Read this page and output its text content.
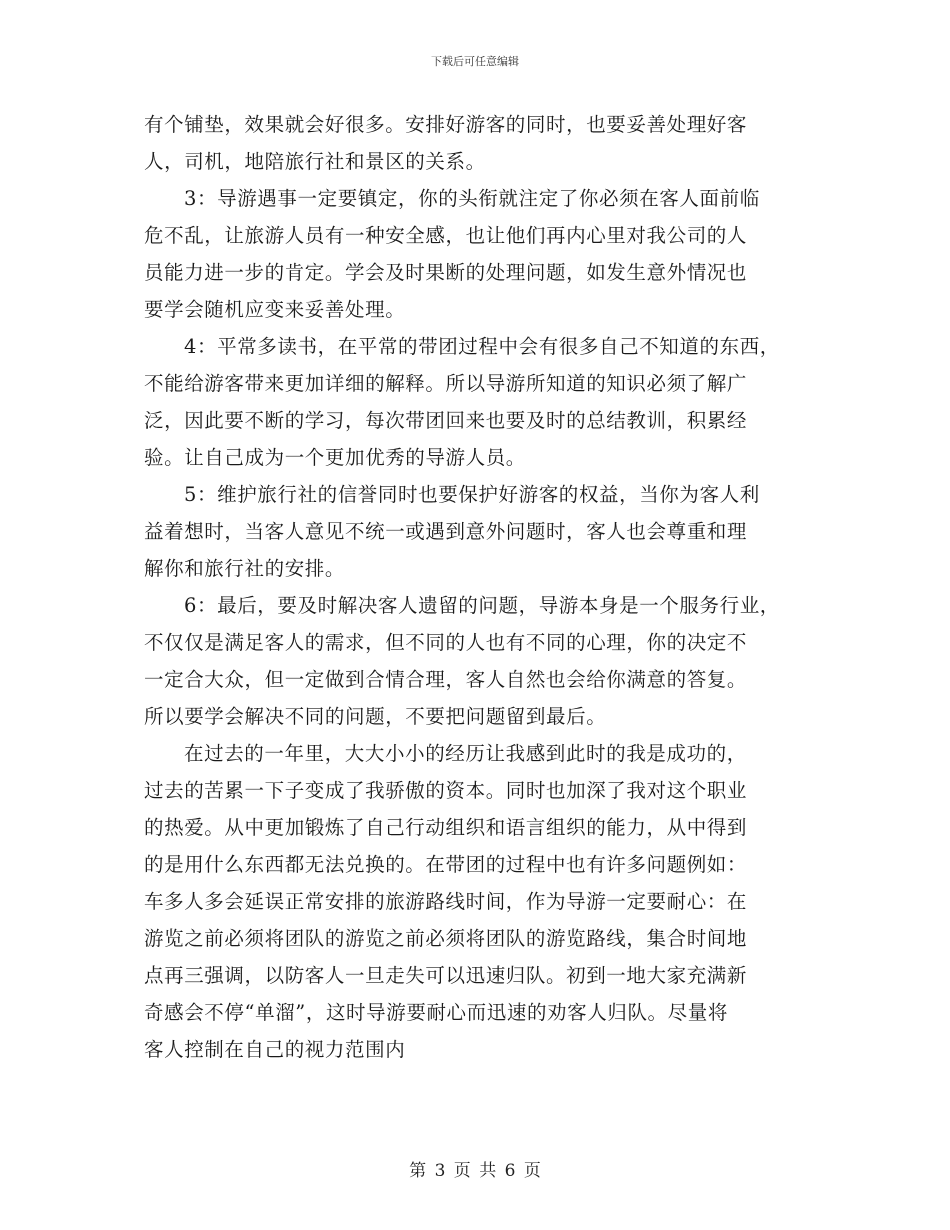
下载后可任意编辑
有个铺垫，效果就会好很多。安排好游客的同时，也要妥善处理好客
人，司机，地陪旅行社和景区的关系。
3：导游遇事一定要镇定，你的头衔就注定了你必须在客人面前临
危不乱，让旅游人员有一种安全感，也让他们再内心里对我公司的人
员能力进一步的肯定。学会及时果断的处理问题，如发生意外情况也
要学会随机应变来妥善处理。
4：平常多读书，在平常的带团过程中会有很多自己不知道的东西，
不能给游客带来更加详细的解释。所以导游所知道的知识必须了解广
泛，因此要不断的学习，每次带团回来也要及时的总结教训，积累经
验。让自己成为一个更加优秀的导游人员。
5：维护旅行社的信誉同时也要保护好游客的权益，当你为客人利
益着想时，当客人意见不统一或遇到意外问题时，客人也会尊重和理
解你和旅行社的安排。
6：最后，要及时解决客人遗留的问题，导游本身是一个服务行业，
不仅仅是满足客人的需求，但不同的人也有不同的心理，你的决定不
一定合大众，但一定做到合情合理，客人自然也会给你满意的答复。
所以要学会解决不同的问题，不要把问题留到最后。
在过去的一年里，大大小小的经历让我感到此时的我是成功的，
过去的苦累一下子变成了我骄傲的资本。同时也加深了我对这个职业
的热爱。从中更加锻炼了自己行动组织和语言组织的能力，从中得到
的是用什么东西都无法兑换的。在带团的过程中也有许多问题例如：
车多人多会延误正常安排的旅游路线时间，作为导游一定要耐心：在
游览之前必须将团队的游览之前必须将团队的游览路线，集合时间地
点再三强调，以防客人一旦走失可以迅速归队。初到一地大家充满新
奇感会不停“单溜”，这时导游要耐心而迅速的劝客人归队。尽量将
客人控制在自己的视力范围内
第 3 页 共 6 页
